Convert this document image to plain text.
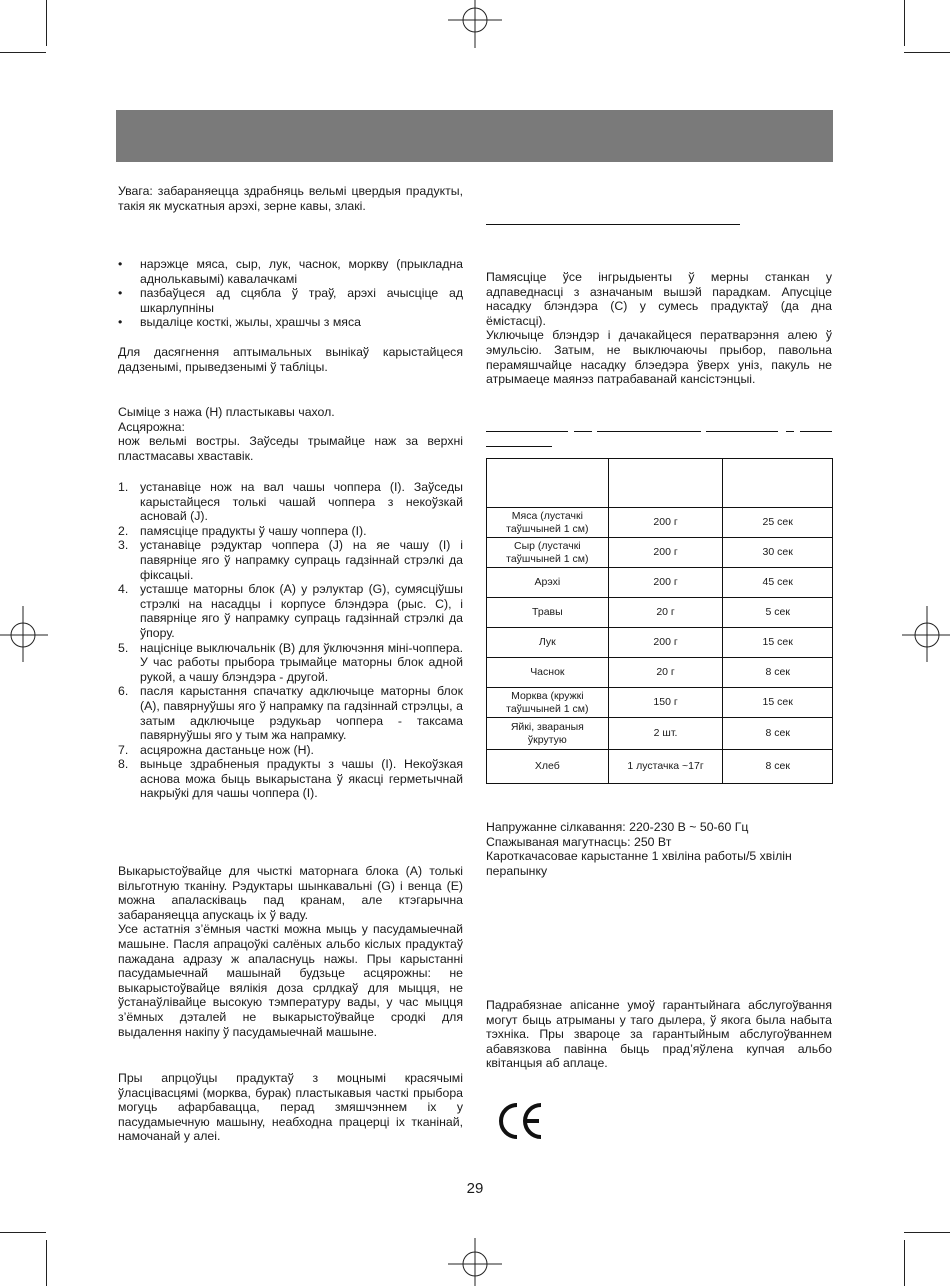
Увага: забараняецца здрабняць вельмі цвердыя прадукты, такія як мускатныя арэхі, зерне кавы, злакі.

• нарэжце мяса, сыр, лук, часнок, моркву (прыкладна аднолькавымі) кавалачкамі
• пазбаўцеся ад сцябла ў траў, арэхі ачысціце ад шкарлупніны
• выдаліце косткі, жылы, хрaшчы з мяса

Для дасягнення аптымальных вынікаў карыстайцеся дадзенымі, прыведзенымі ў табліцы.

Сыміце з нажа (H) пластыкавы чахол.

Асцярожна:

нож вельмі востры. Заўседы трымайце наж за верхні пластмасавы хваставік.

1. устанавіце нож на вал чашы чоппера (I). Заўседы карыстайцеся толькі чашай чоппера з некоўзкай асновай (J).
2. памясціце прадукты ў чашу чоппера (I).
3. устанавіце рэдуктар чоппера (J) на яе чашу (I) і павярніце яго ў напрамку супраць гадзіннай стрэлкі да фіксацыі.
4. усташце маторны блок (A) у рэлуктар (G), сумясціўшы стрэлкі на насадцы і корпусе блэндэра (рыс. C), і павярніце яго ў напрамку супраць гадзіннай стрэлкі да ўпору.
5. націсніце выключальнік (B) для ўключэння міні-чоппера. У час работы прыбора трымайце маторны блок адной рукой, а чашу блэндэра - другой.
6. пасля карыстання спачатку адключыце маторны блок (A), павярнуўшы яго ў напрамку па гадзіннай стрэлцы, а затым адключыце рэдукьар чоппера - таксама павярнуўшы яго у тым жа напрамку.
7. асцярожна дастаньце нож (H).
8. выньце здрабненыя прадукты з чашы (I). Некоўзкая аснова можа быць выкарыстана ў якасці герметычнай накрыўкі для чашы чоппера (I).

Выкарыстоўвайце для чысткі маторнага блока (A) толькі вільготную тканіну. Рэдуктары шынкавальні (G) і венца (E) можна апаласківаць пад кранам, але ктэгарычна забараняецца апускаць іх ў ваду.

Усе астатнія з’ёмныя часткі можна мыць у пасудамыечнай машыне. Пасля апрацоўкі салёных альбо кіслых прадуктаў пажадана адразу ж апаласнуць нажы. Пры карыстанні пасудамыечнай машынай будзьце асцярожны: не выкарыстоўвайце вялікія доза срлдкаў для мыцця, не ўстанаўлівайце высокую тэмпературу вады, у час мыцця з’ёмных дэталей не выкарыстоўвайце сродкі для выдалення накіпу ў пасудамыечнай машыне.

Пры апрцоўцы прадуктаў з моцнымі красячымі ўласцівасцямі (морква, бурак) пластыкавыя часткі прыбора могуць афарбавацца, перад змяшчэннем іх у пасудамыечную машыну, неабходна працерці іх тканінай, намочанай у алеі.

Памясціце ўсе інгрыдыенты ў мерны станкан у адпаведнасці з азначаным вышэй парадкам. Апусціце насадку блэндэра (C) у сумесь прадуктаў (да дна ёмістасці).

Уключыце блэндэр і дачакайцеся ператварэння алею ў эмульсію. Затым, не выключаючы прыбор, павольна перамяшчайце насадку блэедэра ўверх уніз, пакуль не атрымаеце маянэз патрабаванай кансістэнцыі.

Мяса (лустачкі таўшчыней 1 см)	200 г	25 сек
Сыр (лустачкі таўшчыней 1 см)	200 г	30 сек
Арэхі	200 г	45 сек
Травы	20 г	5 сек
Лук	200 г	15 сек
Часнок	20 г	8 сек
Морква (кружкі таўшчыней 1 см)	150 г	15 сек
Яйкі, звараныя ўкрутую	2 шт.	8 сек
Хлеб	1 лустачка ~17г	8 сек

Напружанне сілкавання: 220-230 В ~ 50-60 Гц

Спажываная магутнасць: 250 Вт

Кароткачасовае карыстанне 1 хвіліна работы/5 хвілін перапынку

Падрабязнае апісанне умоў гарантыйнага абслугоўвання могут быць атрыманы у таго дылера, ў якога была набыта тэхніка. Пры звароце за гарантыйным абслугоўваннем абавязкова павінна быць прад’яўлена купчая альбо квітанцыя аб аплаце.

29
